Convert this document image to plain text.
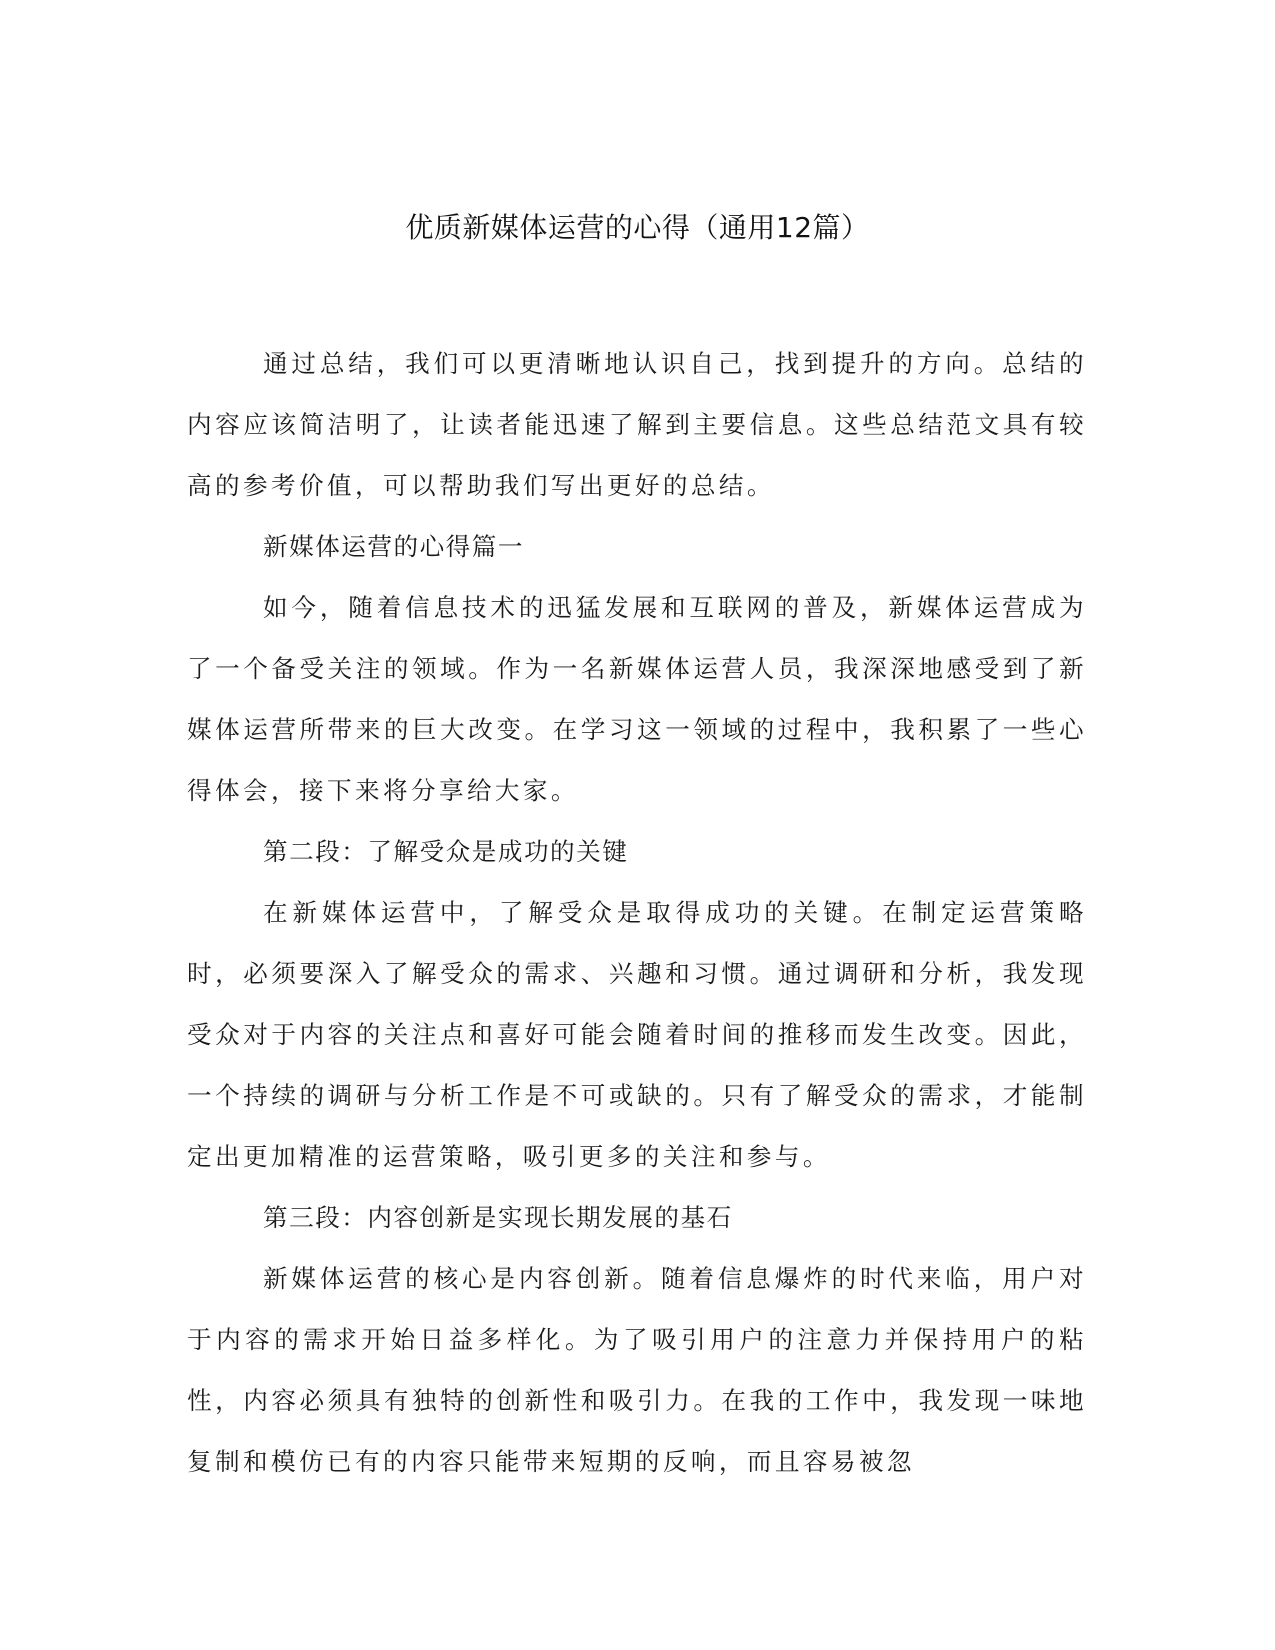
优质新媒体运营的心得（通用12篇）

通过总结，我们可以更清晰地认识自己，找到提升的方向。总结的内容应该简洁明了，让读者能迅速了解到主要信息。这些总结范文具有较高的参考价值，可以帮助我们写出更好的总结。

新媒体运营的心得篇一

如今，随着信息技术的迅猛发展和互联网的普及，新媒体运营成为了一个备受关注的领域。作为一名新媒体运营人员，我深深地感受到了新媒体运营所带来的巨大改变。在学习这一领域的过程中，我积累了一些心得体会，接下来将分享给大家。

第二段：了解受众是成功的关键

在新媒体运营中，了解受众是取得成功的关键。在制定运营策略时，必须要深入了解受众的需求、兴趣和习惯。通过调研和分析，我发现受众对于内容的关注点和喜好可能会随着时间的推移而发生改变。因此，一个持续的调研与分析工作是不可或缺的。只有了解受众的需求，才能制定出更加精准的运营策略，吸引更多的关注和参与。

第三段：内容创新是实现长期发展的基石

新媒体运营的核心是内容创新。随着信息爆炸的时代来临，用户对于内容的需求开始日益多样化。为了吸引用户的注意力并保持用户的粘性，内容必须具有独特的创新性和吸引力。在我的工作中，我发现一味地复制和模仿已有的内容只能带来短期的反响，而且容易被忽
